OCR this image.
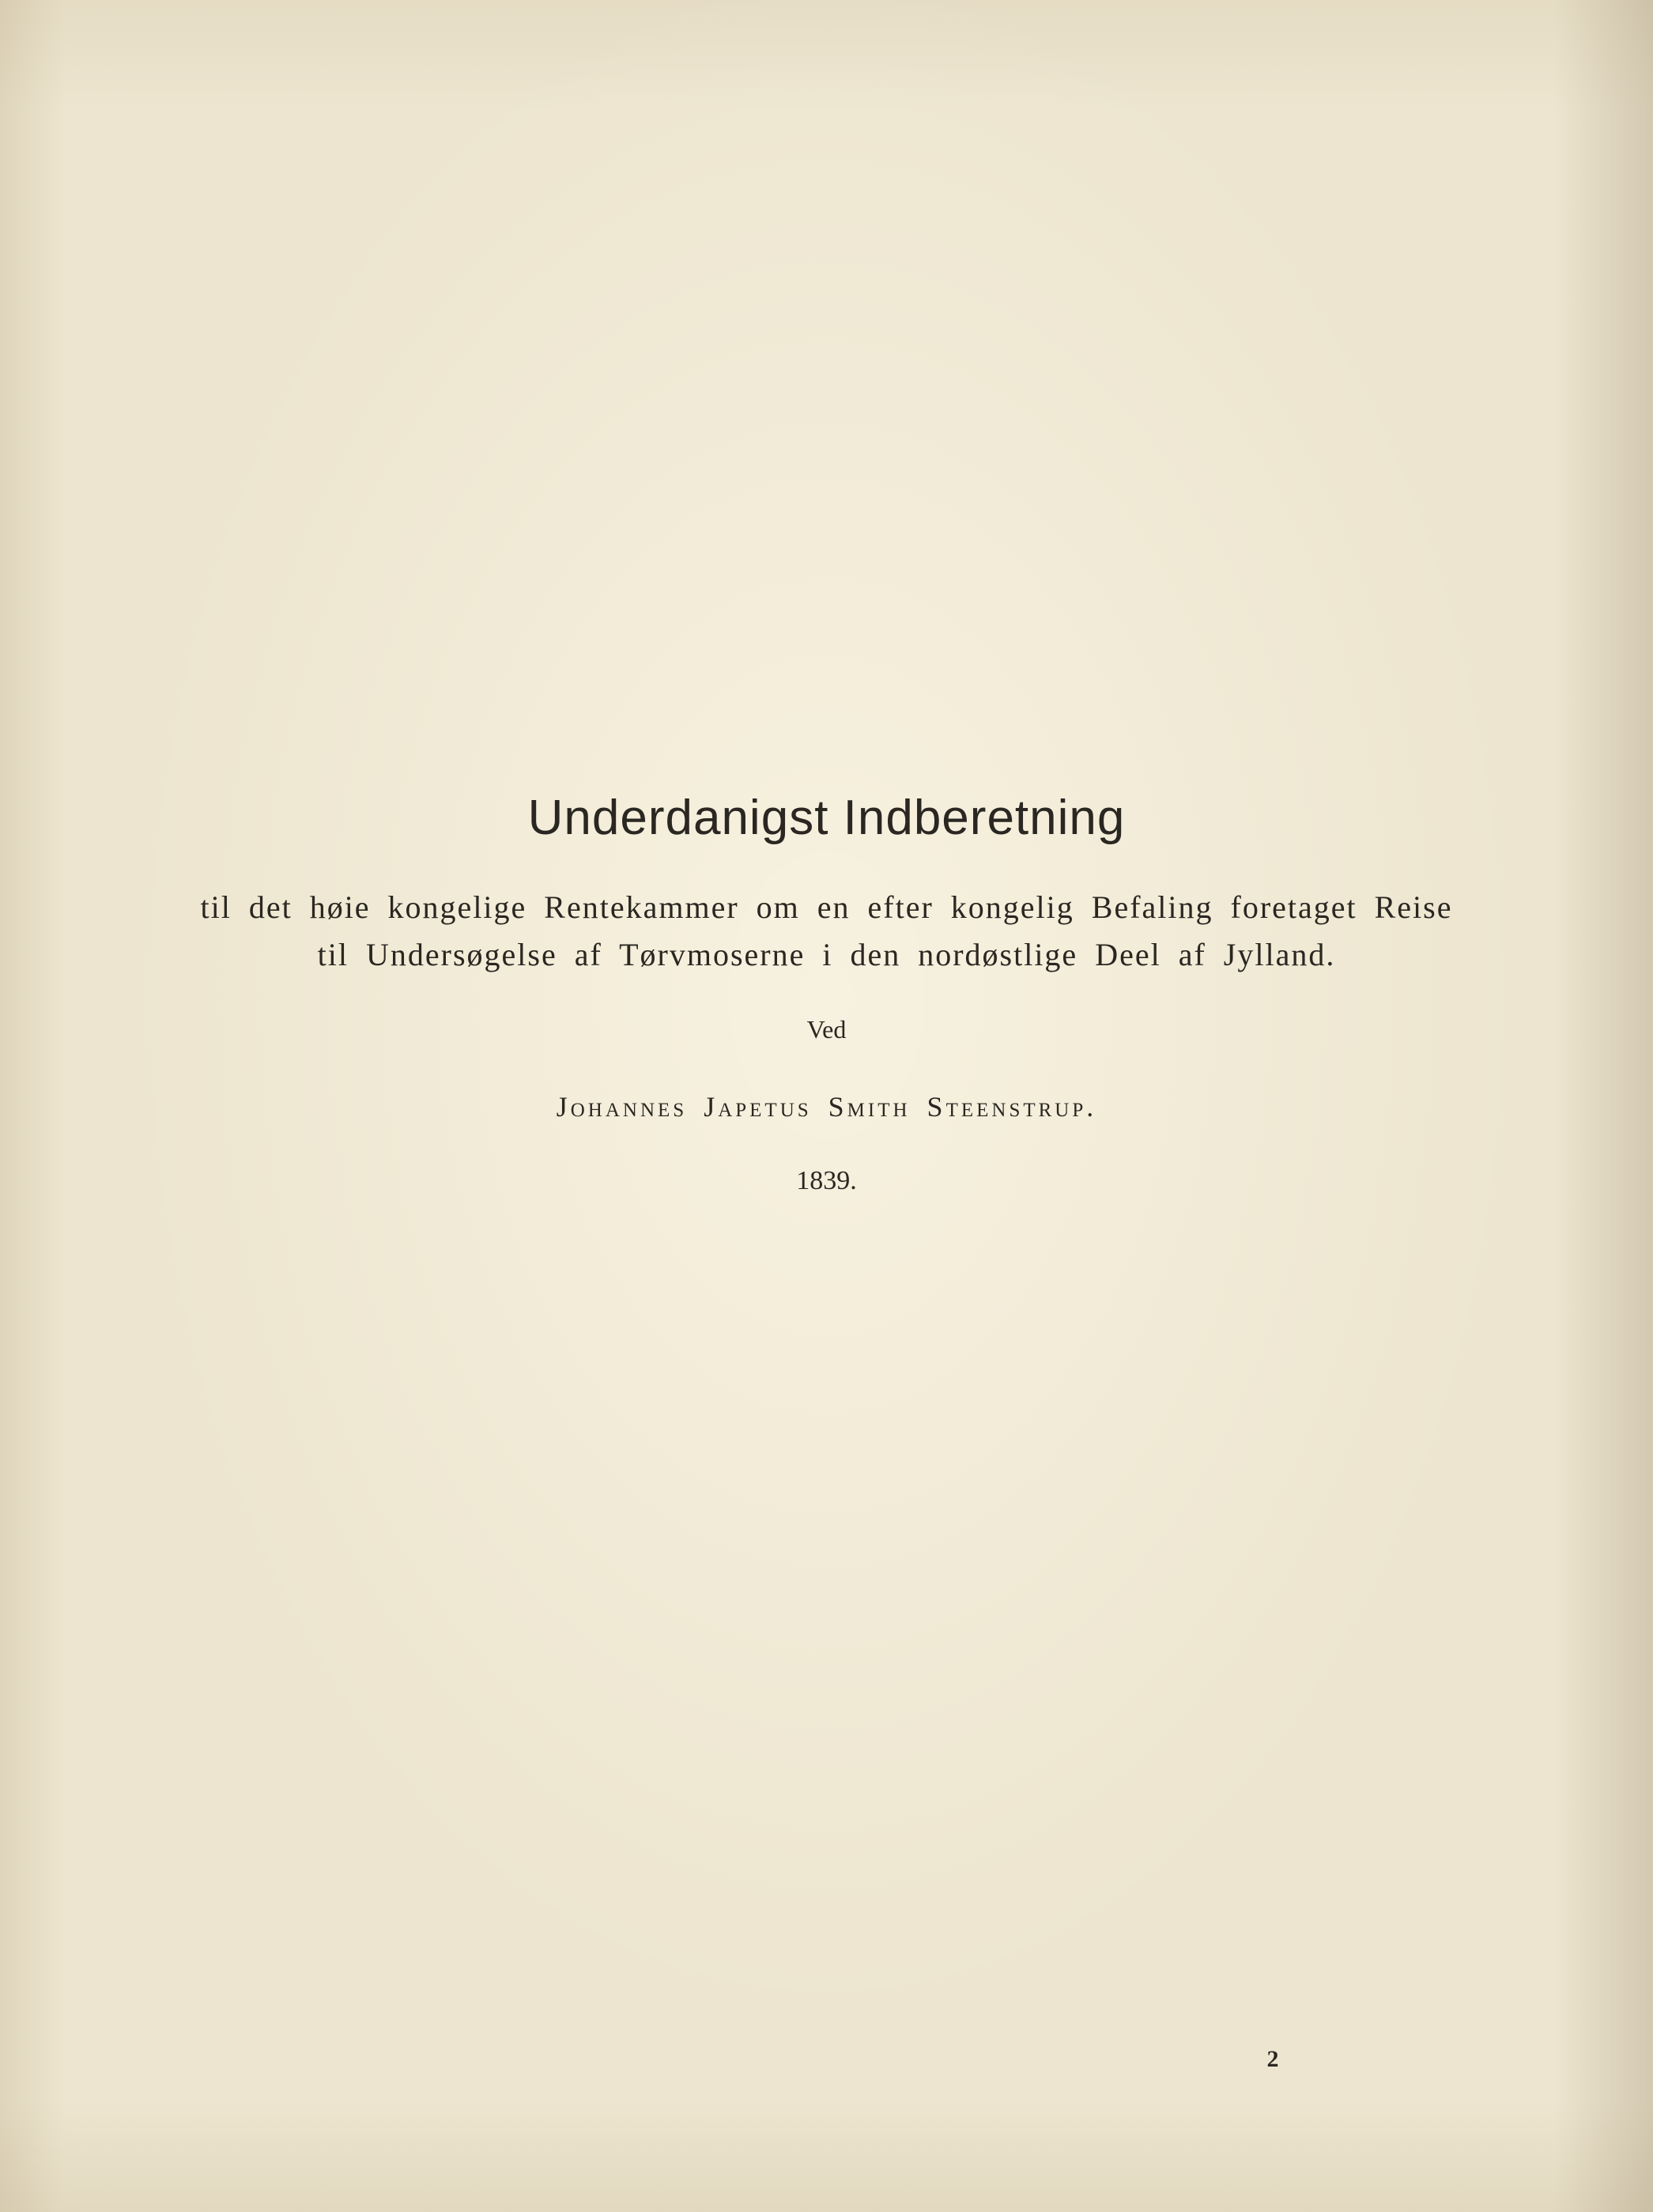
Underdanigst Indberetning
til det høie kongelige Rentekammer om en efter kongelig Befaling foretaget Reise
til Undersøgelse af Tørvmoserne i den nordøstlige Deel af Jylland.
Ved
Johannes Japetus Smith Steenstrup.
1839.
2
